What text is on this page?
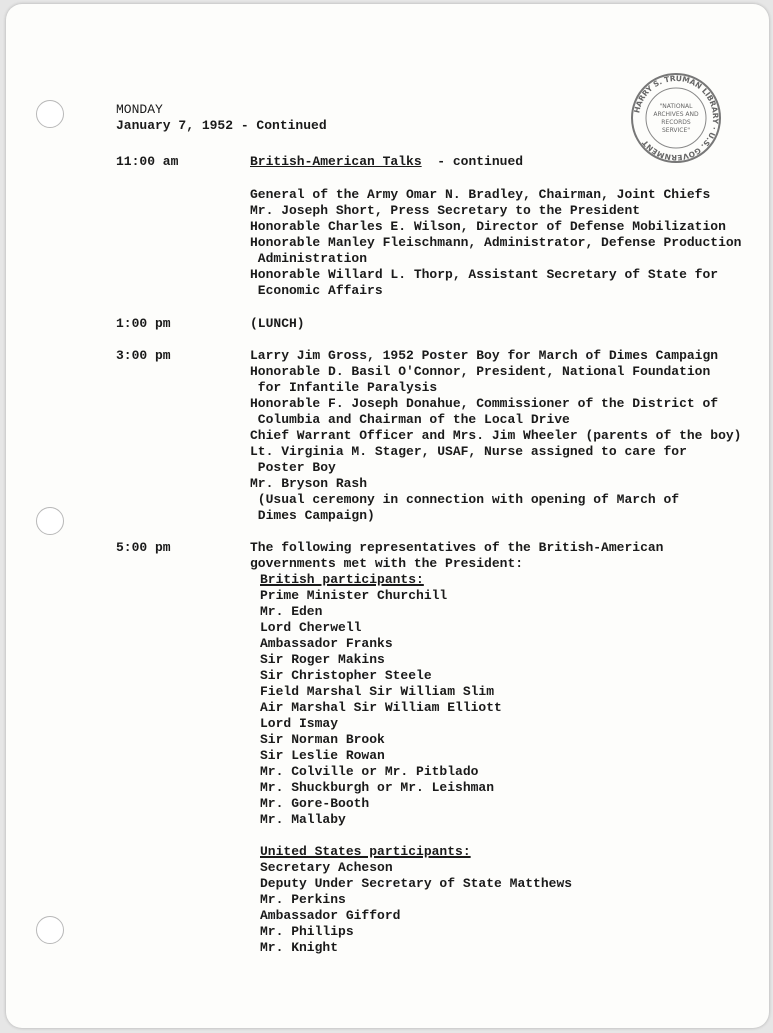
HARRY S. TRUMAN LIBRARY · U.S. GOVERNMENT
"NATIONAL
ARCHIVES AND
RECORDS
SERVICE"
MONDAY
January 7, 1952 - Continued
11:00 am	British-American Talks  - continued
General of the Army Omar N. Bradley, Chairman, Joint Chiefs
Mr. Joseph Short, Press Secretary to the President
Honorable Charles E. Wilson, Director of Defense Mobilization
Honorable Manley Fleischmann, Administrator, Defense Production
Administration
Honorable Willard L. Thorp, Assistant Secretary of State for
Economic Affairs
1:00 pm	(LUNCH)
3:00 pm	Larry Jim Gross, 1952 Poster Boy for March of Dimes Campaign
Honorable D. Basil O'Connor, President, National Foundation
for Infantile Paralysis
Honorable F. Joseph Donahue, Commissioner of the District of
Columbia and Chairman of the Local Drive
Chief Warrant Officer and Mrs. Jim Wheeler (parents of the boy)
Lt. Virginia M. Stager, USAF, Nurse assigned to care for
Poster Boy
Mr. Bryson Rash
(Usual ceremony in connection with opening of March of
Dimes Campaign)
5:00 pm	The following representatives of the British-American
governments met with the President:
British participants:
Prime Minister Churchill
Mr. Eden
Lord Cherwell
Ambassador Franks
Sir Roger Makins
Sir Christopher Steele
Field Marshal Sir William Slim
Air Marshal Sir William Elliott
Lord Ismay
Sir Norman Brook
Sir Leslie Rowan
Mr. Colville or Mr. Pitblado
Mr. Shuckburgh or Mr. Leishman
Mr. Gore-Booth
Mr. Mallaby
United States participants:
Secretary Acheson
Deputy Under Secretary of State Matthews
Mr. Perkins
Ambassador Gifford
Mr. Phillips
Mr. Knight
